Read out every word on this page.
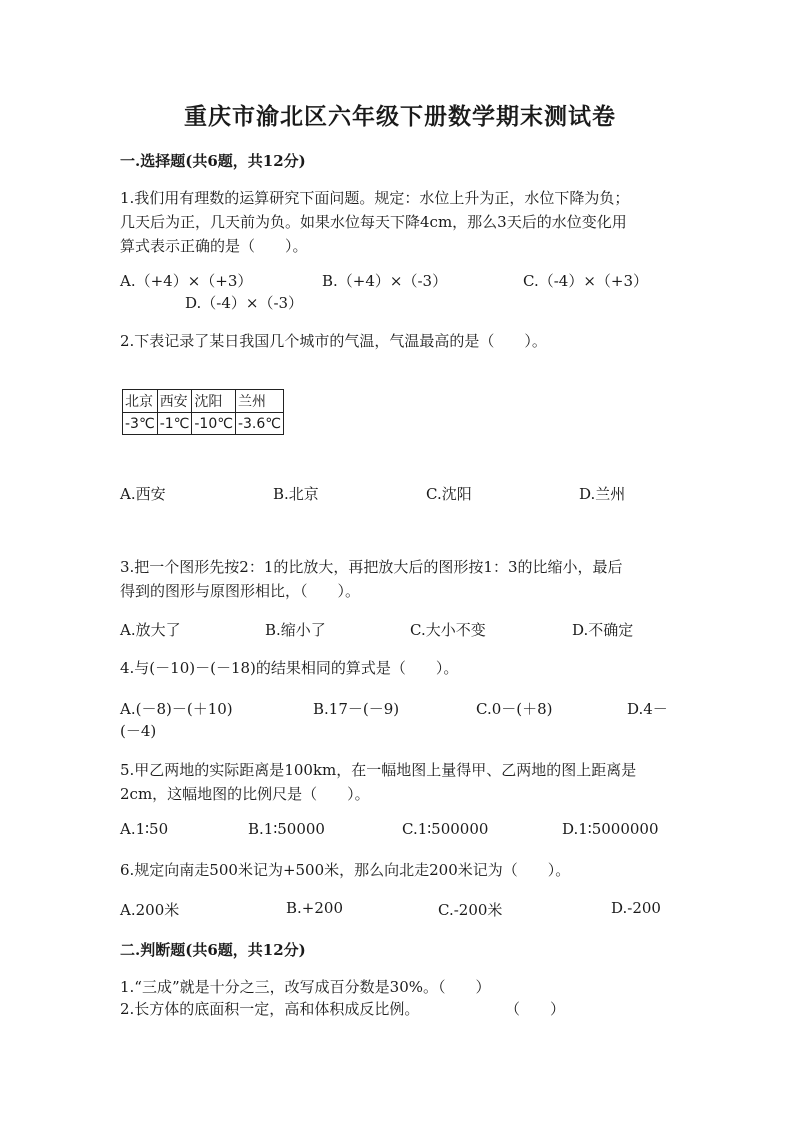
重庆市渝北区六年级下册数学期末测试卷
一.选择题(共6题，共12分)
1.我们用有理数的运算研究下面问题。规定：水位上升为正，水位下降为负；
几天后为正，几天前为负。如果水位每天下降4cm，那么3天后的水位变化用
算式表示正确的是（　　）。
A.（+4）×（+3）	B.（+4）×（-3）	C.（-4）×（+3）
D.（-4）×（-3）
2.下表记录了某日我国几个城市的气温，气温最高的是（　　）。
北京	西安	沈阳	兰州
-3℃	-1℃	-10℃	-3.6℃
A.西安	B.北京	C.沈阳	D.兰州
3.把一个图形先按2：1的比放大，再把放大后的图形按1：3的比缩小，最后
得到的图形与原图形相比，（　　）。
A.放大了	B.缩小了	C.大小不变	D.不确定
4.与(－10)－(－18)的结果相同的算式是（　　）。
A.(－8)－(＋10)	B.17－(－9)	C.0－(＋8)	D.4－
(－4)
5.甲乙两地的实际距离是100km，在一幅地图上量得甲、乙两地的图上距离是
2cm，这幅地图的比例尺是（　　）。
A.1∶50	B.1∶50000	C.1∶500000	D.1∶5000000
6.规定向南走500米记为+500米，那么向北走200米记为（　　）。
A.200米	B.+200	C.-200米	D.-200
二.判断题(共6题，共12分)
1.“三成”就是十分之三，改写成百分数是30%。（　　）
2.长方体的底面积一定，高和体积成反比例。	（　　）
